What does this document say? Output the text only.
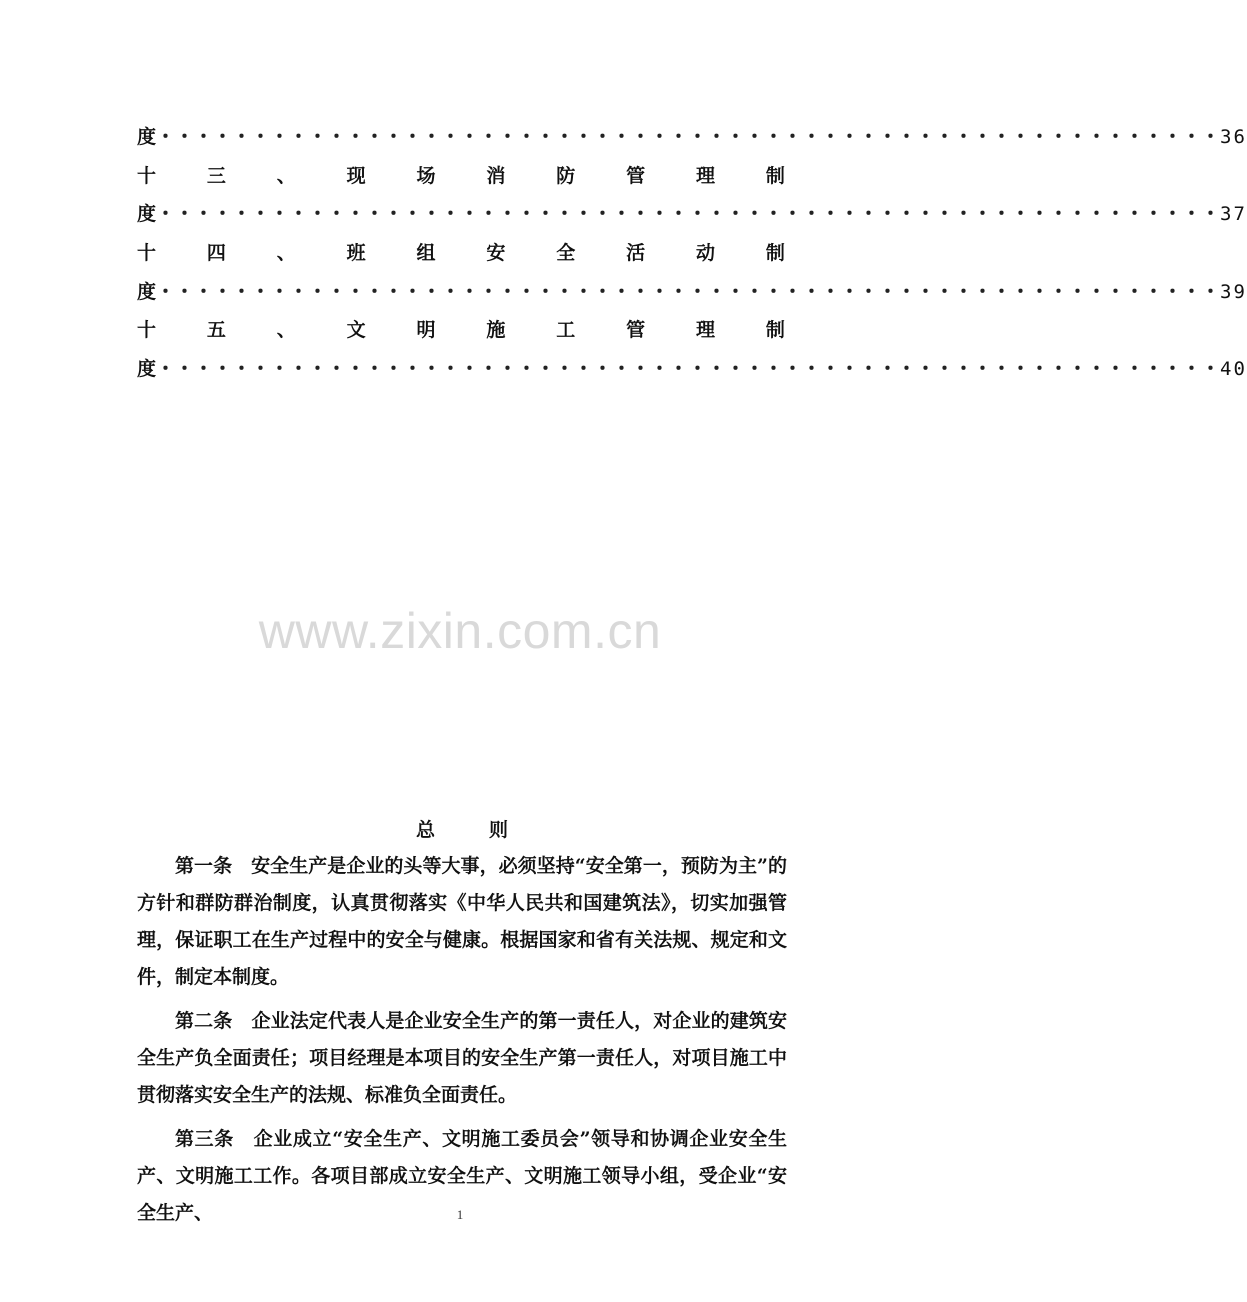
度 ・・・・・・・・・・・・・・・・・・・・・・・・・・・・・・・・・・・・・・・・・・・・・・・・・・・・・・・・ 36
十	三	、	现	场	消	防	管	理	制
度 ・・・・・・・・・・・・・・・・・・・・・・・・・・・・・・・・・・・・・・・・・・・・・・・・・・・・・・・・ 37
十	四	、	班	组	安	全	活	动	制
度 ・・・・・・・・・・・・・・・・・・・・・・・・・・・・・・・・・・・・・・・・・・・・・・・・・・・・・・・・ 39
十	五	、	文	明	施	工	管	理	制
度 ・・・・・・・・・・・・・・・・・・・・・・・・・・・・・・・・・・・・・・・・・・・・・・・・・・・・・・・・ 40
www.zixin.com.cn
总	则

第一条　安全生产是企业的头等大事，必须坚持“安全第一，预防为主”的方针和群防群治制度，认真贯彻落实《中华人民共和国建筑法》，切实加强管理，保证职工在生产过程中的安全与健康。根据国家和省有关法规、规定和文件，制定本制度。

第二条　企业法定代表人是企业安全生产的第一责任人，对企业的建筑安全生产负全面责任；项目经理是本项目的安全生产第一责任人，对项目施工中贯彻落实安全生产的法规、标准负全面责任。

第三条　企业成立“安全生产、文明施工委员会”领导和协调企业安全生产、文明施工工作。各项目部成立安全生产、文明施工领导小组，受企业“安全生产、	1
